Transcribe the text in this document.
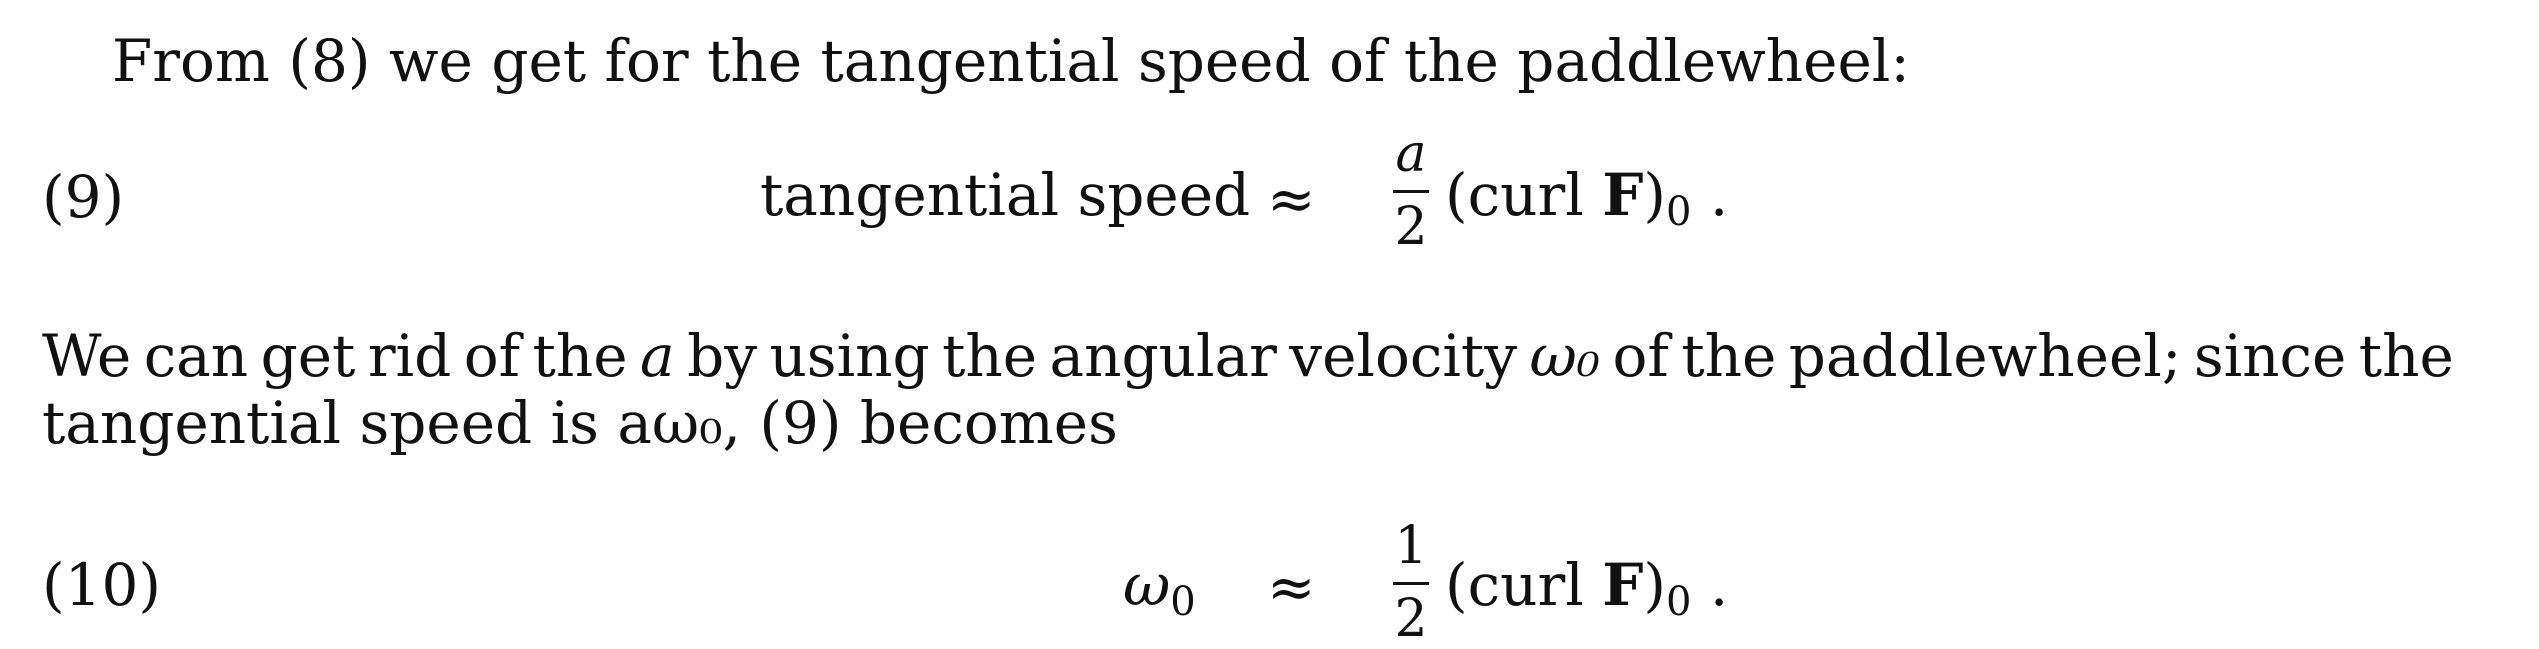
From (8) we get for the tangential speed of the paddlewheel:
(9)	tangential speed ≈
a
2 (curl $F)_0$ .
We can get rid of the a by using the angular velocity ω₀ of the paddlewheel; since the
tangential speed is aω₀, (9) becomes
(10)	$\omega_0$ ≈
1
2 (curl $F)_0$ .
